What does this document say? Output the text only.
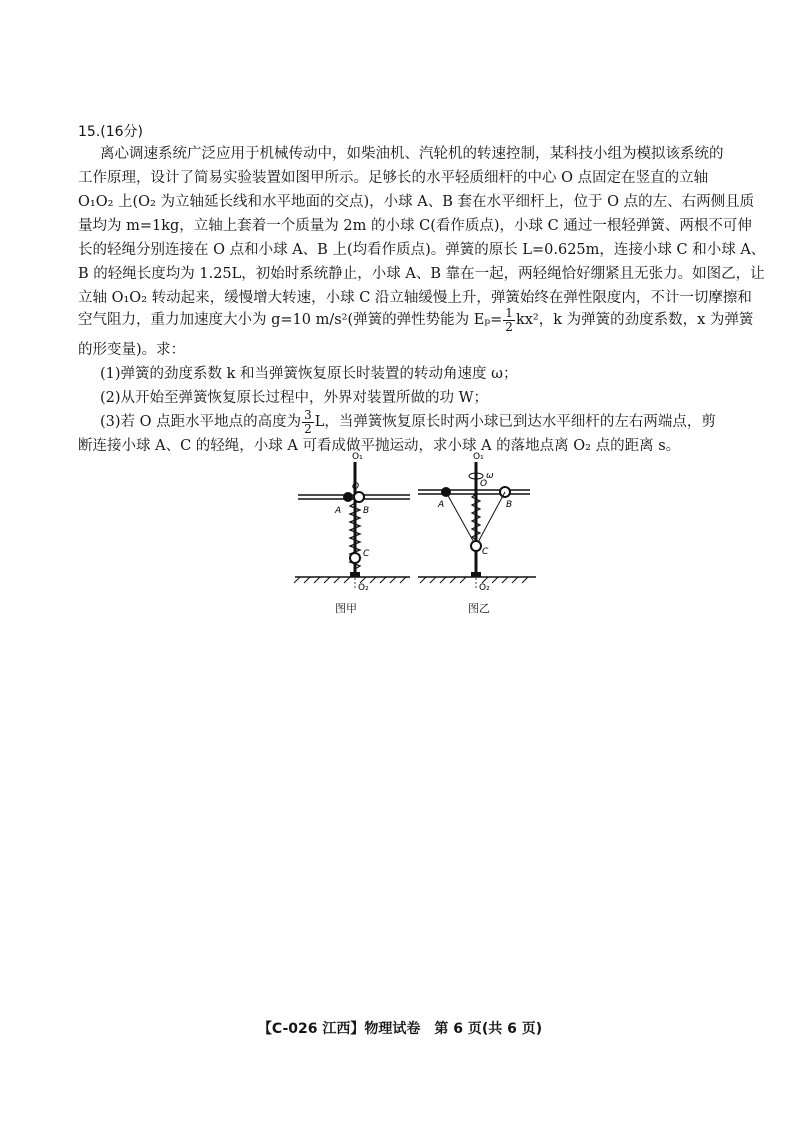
15.(16分)
离心调速系统广泛应用于机械传动中，如柴油机、汽轮机的转速控制，某科技小组为模拟该系统的
工作原理，设计了简易实验装置如图甲所示。足够长的水平轻质细杆的中心 O 点固定在竖直的立轴
O₁O₂ 上(O₂ 为立轴延长线和水平地面的交点)，小球 A、B 套在水平细杆上，位于 O 点的左、右两侧且质
量均为 m=1kg，立轴上套着一个质量为 2m 的小球 C(看作质点)，小球 C 通过一根轻弹簧、两根不可伸
长的轻绳分别连接在 O 点和小球 A、B 上(均看作质点)。弹簧的原长 L=0.625m，连接小球 C 和小球 A、
B 的轻绳长度均为 1.25L，初始时系统静止，小球 A、B 靠在一起，两轻绳恰好绷紧且无张力。如图乙，让
立轴 O₁O₂ 转动起来，缓慢增大转速，小球 C 沿立轴缓慢上升，弹簧始终在弹性限度内，不计一切摩擦和
空气阻力，重力加速度大小为 g=10 m/s²(弹簧的弹性势能为 $E_p= \frac{1}{2} kx^2$，k 为弹簧的劲度系数，x 为弹簧
的形变量)。求：
(1)弹簧的劲度系数 k 和当弹簧恢复原长时装置的转动角速度 ω；
(2)从开始至弹簧恢复原长过程中，外界对装置所做的功 W；
(3)若 O 点距水平地点的高度为 $\frac{3}{2}$ L，当弹簧恢复原长时两小球已到达水平细杆的左右两端点，剪
断连接小球 A、C 的轻绳，小球 A 可看成做平抛运动，求小球 A 的落地点离 O₂ 点的距离 s。
O₁
O
A B
C
O₂
O₁
ω
O
A	B
C
O₂
图甲	图乙
【C-026 江西】物理试卷　第 6 页(共 6 页)
